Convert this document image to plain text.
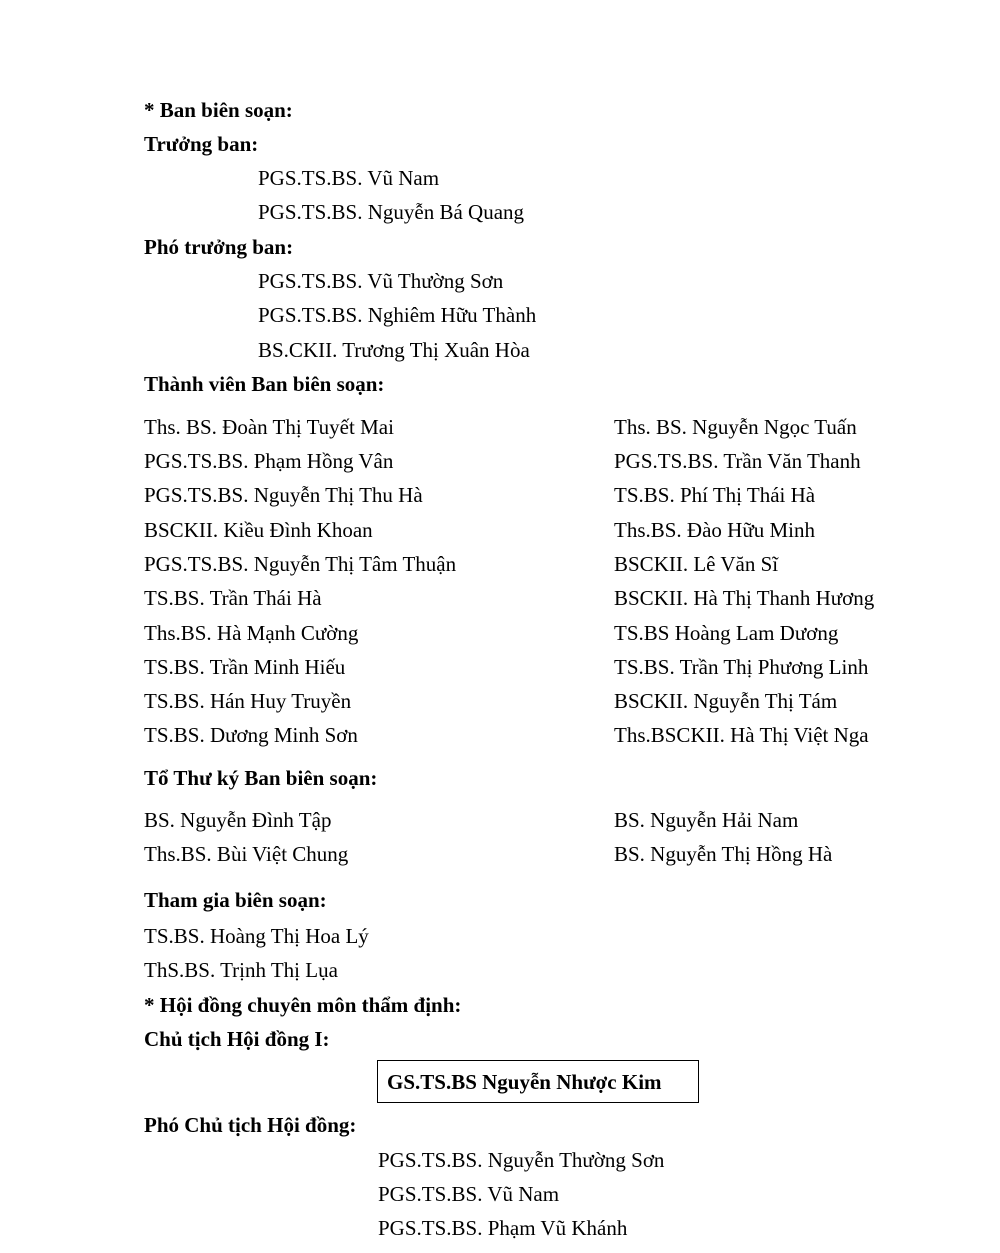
* Ban biên soạn:
Trưởng ban:
PGS.TS.BS. Vũ Nam
PGS.TS.BS. Nguyễn Bá Quang
Phó trưởng ban:
PGS.TS.BS. Vũ Thường Sơn
PGS.TS.BS. Nghiêm Hữu Thành
BS.CKII. Trương Thị Xuân Hòa
Thành viên Ban biên soạn:
Ths. BS. Đoàn Thị Tuyết Mai
PGS.TS.BS. Phạm Hồng Vân
PGS.TS.BS. Nguyễn Thị Thu Hà
BSCKII. Kiều Đình Khoan
PGS.TS.BS. Nguyễn Thị Tâm Thuận
TS.BS. Trần Thái Hà
Ths.BS. Hà Mạnh Cường
TS.BS. Trần Minh Hiếu
TS.BS. Hán Huy Truyền
TS.BS. Dương Minh Sơn
Ths. BS. Nguyễn Ngọc Tuấn
PGS.TS.BS. Trần Văn Thanh
TS.BS. Phí Thị Thái Hà
Ths.BS. Đào Hữu Minh
BSCKII. Lê Văn Sĩ
BSCKII. Hà Thị Thanh Hương
TS.BS Hoàng Lam Dương
TS.BS. Trần Thị Phương Linh
BSCKII. Nguyễn Thị Tám
Ths.BSCKII. Hà Thị Việt Nga
Tổ Thư ký Ban biên soạn:
BS. Nguyễn Đình Tập
Ths.BS. Bùi Việt Chung
BS. Nguyễn Hải Nam
BS. Nguyễn Thị Hồng Hà
Tham gia biên soạn:
TS.BS. Hoàng Thị Hoa Lý
ThS.BS. Trịnh Thị Lụa
* Hội đồng chuyên môn thẩm định:
Chủ tịch Hội đồng I:
GS.TS.BS Nguyễn Nhược Kim
Phó Chủ tịch Hội đồng:
PGS.TS.BS. Nguyễn Thường Sơn
PGS.TS.BS. Vũ Nam
PGS.TS.BS. Phạm Vũ Khánh
